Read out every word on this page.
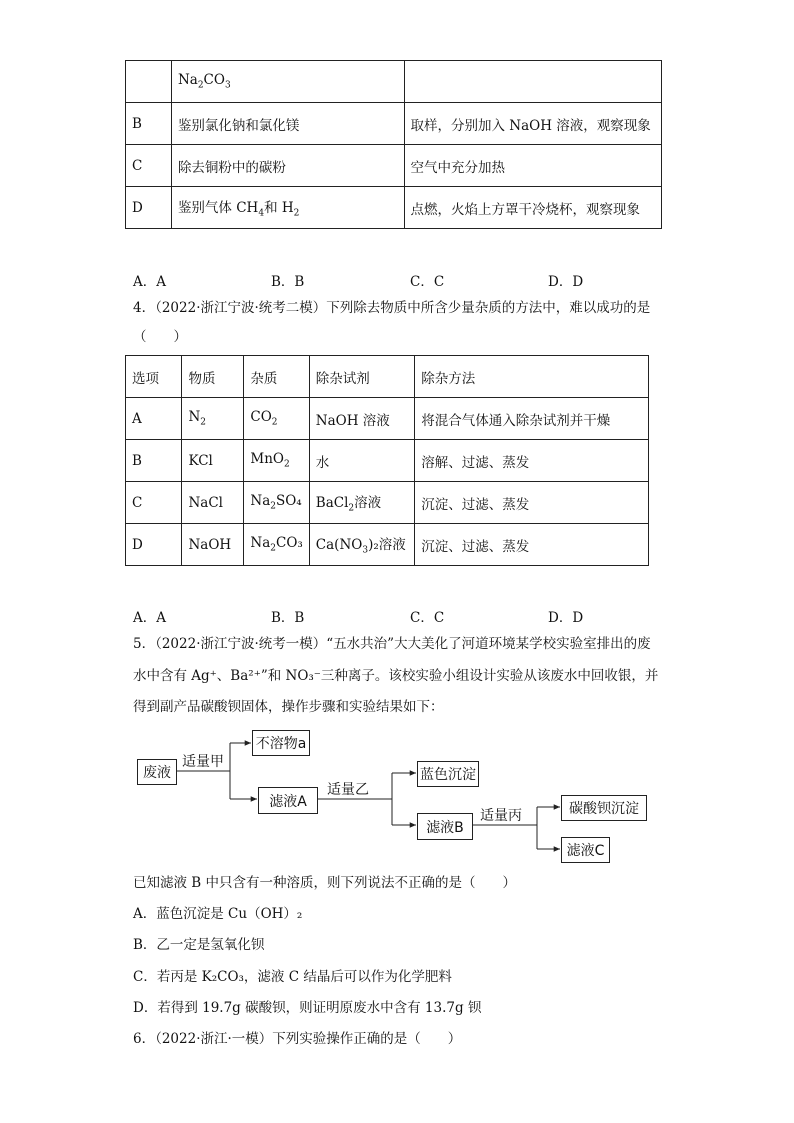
	$Na_2CO_3$	
B	鉴别氯化钠和氯化镁	取样，分别加入 NaOH 溶液，观察现象
C	除去铜粉中的碳粉	空气中充分加热
D	鉴别气体 $CH_4$和 $H_2$	点燃，火焰上方罩干冷烧杯，观察现象
A．A	B．B	C．C	D．D
4．（2022·浙江宁波·统考二模）下列除去物质中所含少量杂质的方法中，难以成功的是
（　　）
选项	物质	杂质	除杂试剂	除杂方法
A	$N_2$	$CO_2$	NaOH 溶液	将混合气体通入除杂试剂并干燥
B	KCl	MnO$_2$	水	溶解、过滤、蒸发
C	NaCl	$Na_2SO_4$	BaCl$_2$溶液	沉淀、过滤、蒸发
D	NaOH	$Na_2CO_3$	$Ca(NO_3)_2$溶液	沉淀、过滤、蒸发
A．A	B．B	C．C	D．D
5．（2022·浙江宁波·统考一模）“五水共治”大大美化了河道环境某学校实验室排出的废
水中含有 Ag⁺、Ba²⁺”和 NO₃⁻三种离子。该校实验小组设计实验从该废水中回收银，并
得到副产品碳酸钡固体，操作步骤和实验结果如下：
废液
适量甲
不溶物a
滤液A
适量乙
蓝色沉淀
滤液B
适量丙	碳酸钡沉淀
滤液C
已知滤液 B 中只含有一种溶质，则下列说法不正确的是（　　）
A．蓝色沉淀是 Cu（OH）₂
B．乙一定是氢氧化钡
C．若丙是 K₂CO₃，滤液 C 结晶后可以作为化学肥料
D．若得到 19.7g 碳酸钡，则证明原废水中含有 13.7g 钡
6．（2022·浙江·一模）下列实验操作正确的是（　　）
